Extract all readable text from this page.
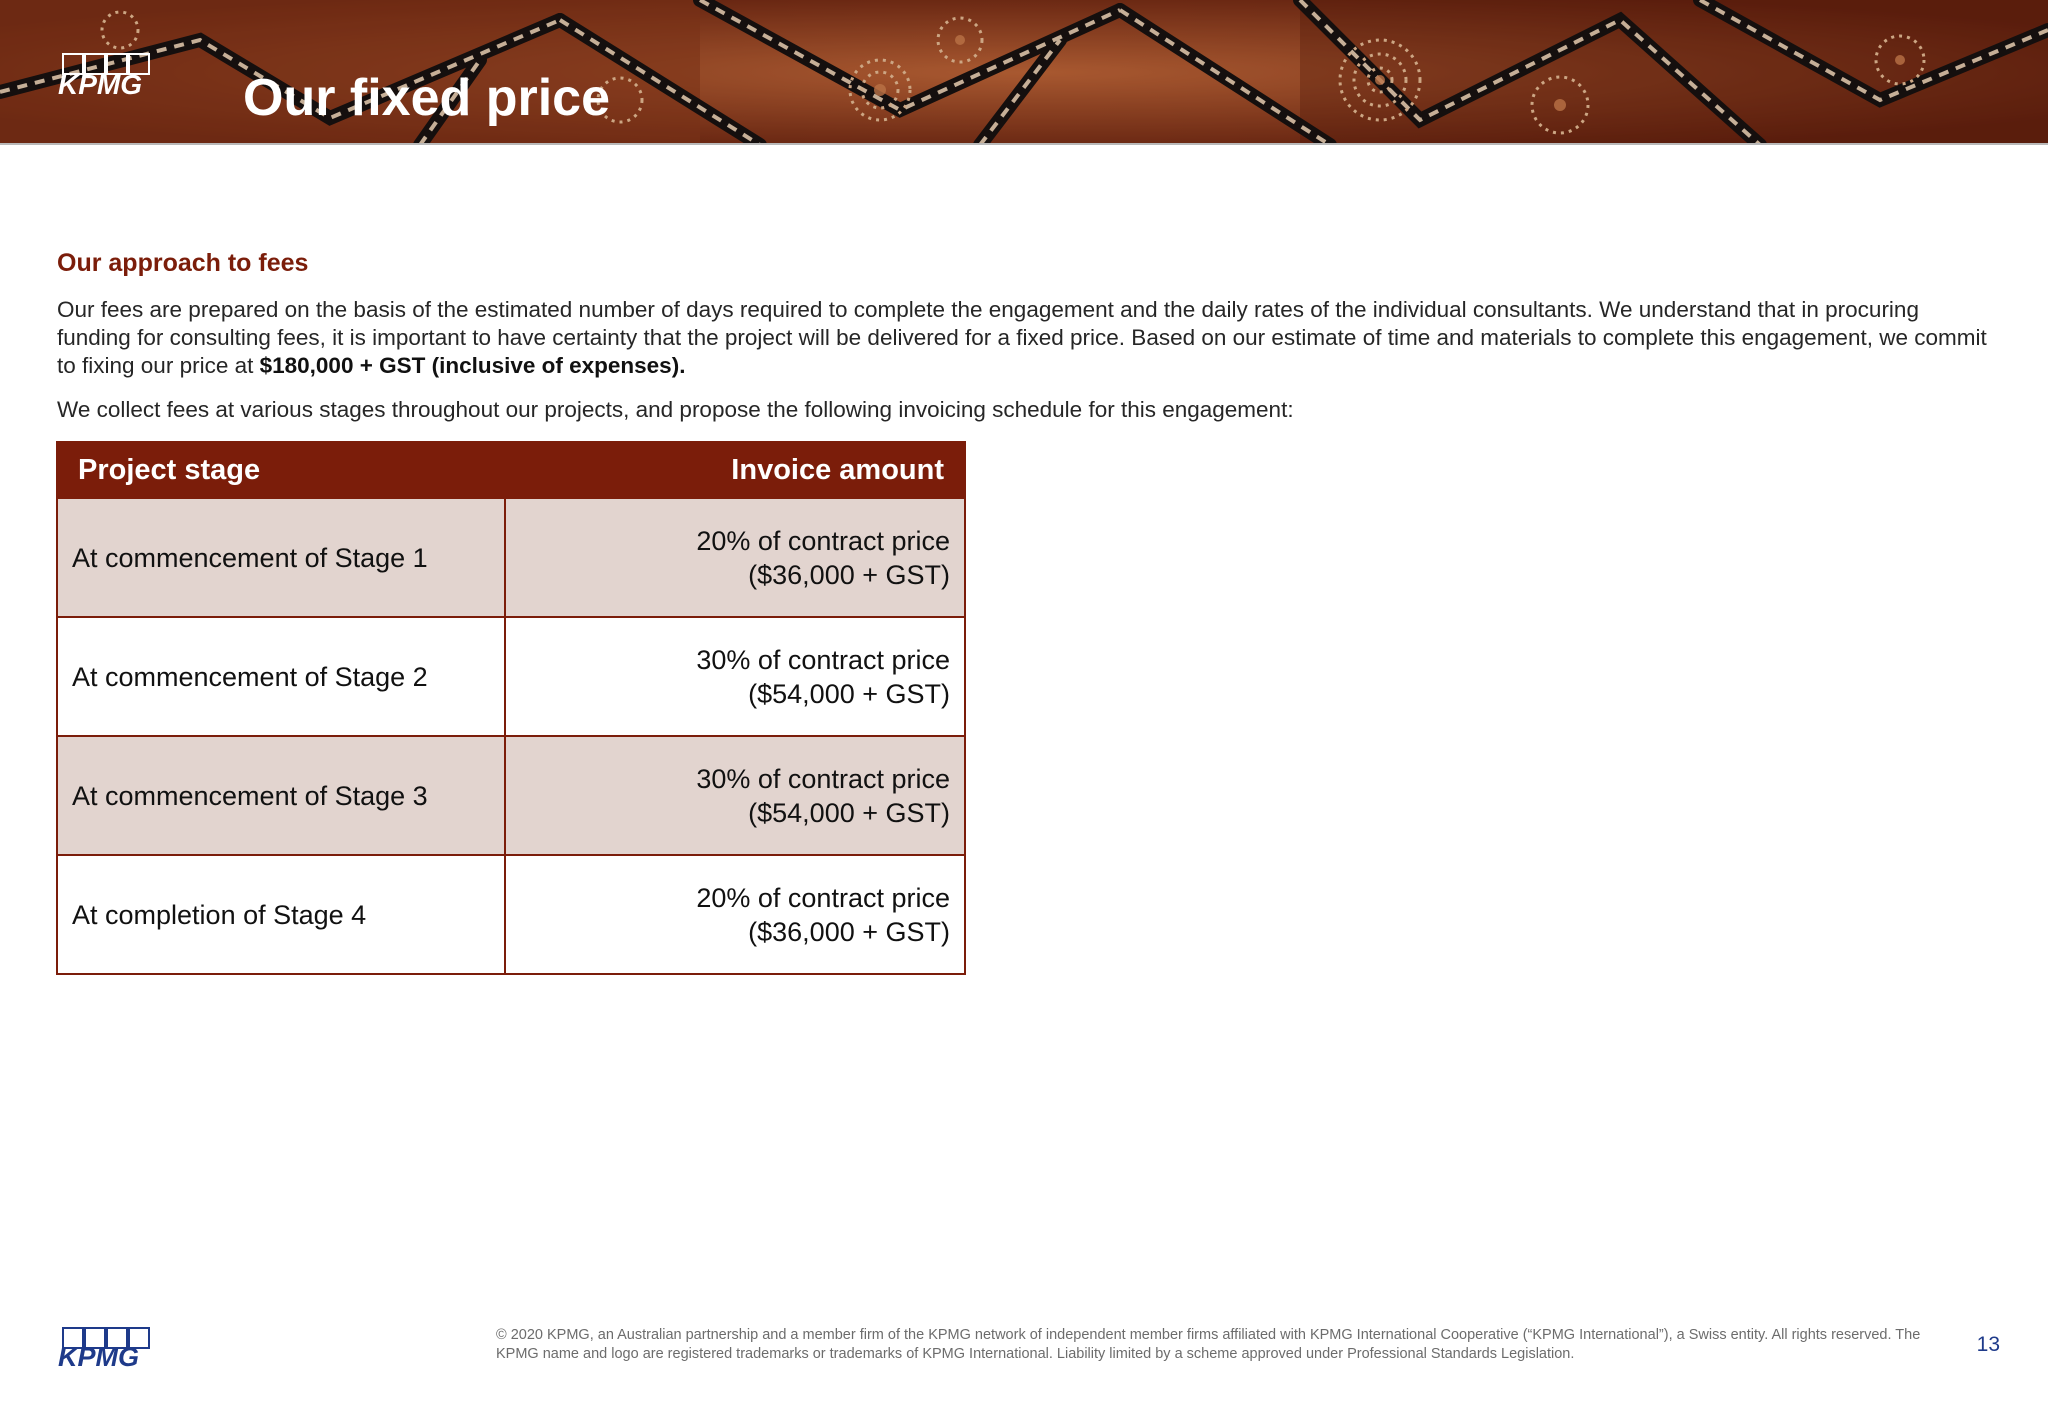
KPMG Our fixed price
Our approach to fees

Our fees are prepared on the basis of the estimated number of days required to complete the engagement and the daily rates of the individual consultants. We understand that in procuring funding for consulting fees, it is important to have certainty that the project will be delivered for a fixed price. Based on our estimate of time and materials to complete this engagement, we commit to fixing our price at $180,000 + GST (inclusive of expenses).

We collect fees at various stages throughout our projects, and propose the following invoicing schedule for this engagement:

Project stage	Invoice amount
At commencement of Stage 1	20% of contract price
($36,000 + GST)

At commencement of Stage 2	30% of contract price
($54,000 + GST)

At commencement of Stage 3	30% of contract price
($54,000 + GST)

At completion of Stage 4	20% of contract price
($36,000 + GST)
KPMG

© 2020 KPMG, an Australian partnership and a member firm of the KPMG network of independent member firms affiliated with KPMG International Cooperative (“KPMG International”), a Swiss entity. All rights reserved. The KPMG name and logo are registered trademarks or trademarks of KPMG International. Liability limited by a scheme approved under Professional Standards Legislation.	13
